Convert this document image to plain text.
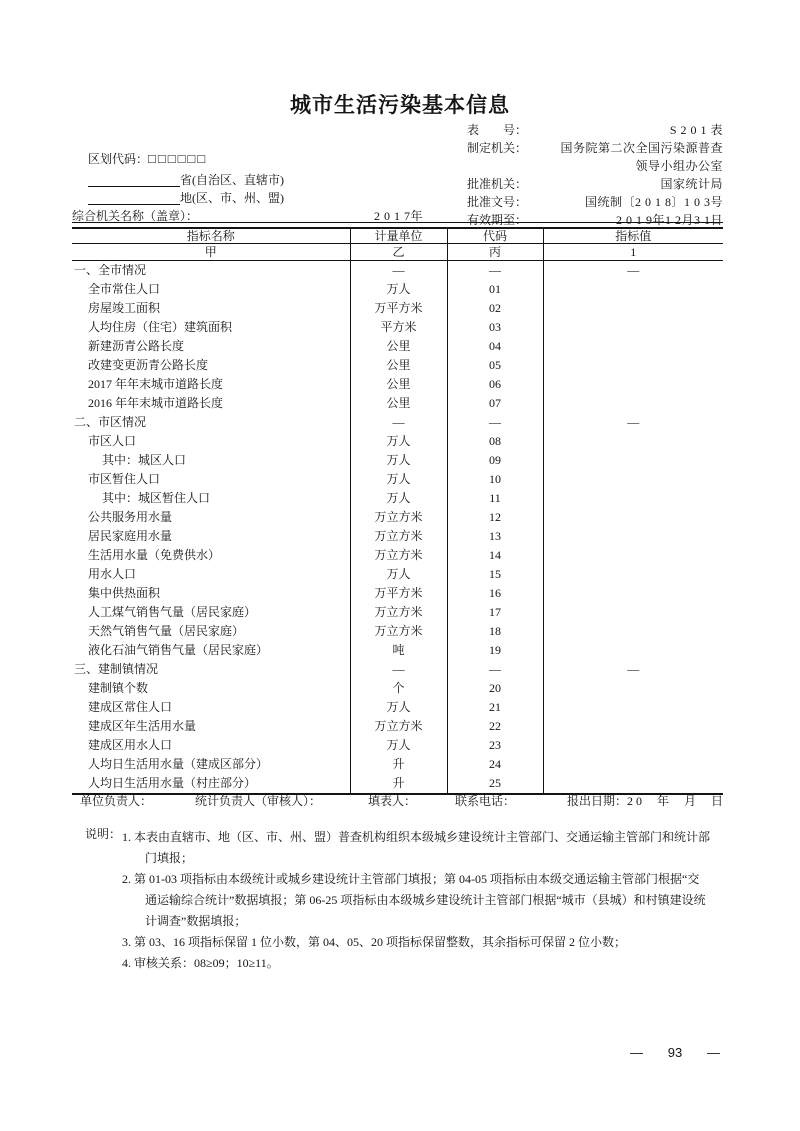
城市生活污染基本信息
表　　号：	S 2 0 1 表
制定机关：	国务院第二次全国污染源普查
领导小组办公室
批准机关：	国家统计局
批准文号：	国统制〔2 0 1 8〕1 0 3号
有效期至：	2 0 1 9年1 2月3 1日
区划代码：□□□□□□
省(自治区、直辖市)
地(区、市、州、盟)
综合机关名称（盖章）：	2 0 1 7年
指标名称	计量单位	代码	指标值
甲	乙	丙	1
一、全市情况	—	—	—
全市常住人口	万人	01	
房屋竣工面积	万平方米	02	
人均住房（住宅）建筑面积	平方米	03	
新建沥青公路长度	公里	04	
改建变更沥青公路长度	公里	05	
2017 年年末城市道路长度	公里	06	
2016 年年末城市道路长度	公里	07	
二、市区情况	—	—	—
市区人口	万人	08	
其中：城区人口	万人	09	
市区暂住人口	万人	10	
其中：城区暂住人口	万人	11	
公共服务用水量	万立方米	12	
居民家庭用水量	万立方米	13	
生活用水量（免费供水）	万立方米	14	
用水人口	万人	15	
集中供热面积	万平方米	16	
人工煤气销售气量（居民家庭）	万立方米	17	
天然气销售气量（居民家庭）	万立方米	18	
液化石油气销售气量（居民家庭）	吨	19	
三、建制镇情况	—	—	—
建制镇个数	个	20	
建成区常住人口	万人	21	
建成区年生活用水量	万立方米	22	
建成区用水人口	万人	23	
人均日生活用水量（建成区部分）	升	24	
人均日生活用水量（村庄部分）	升	25	
单位负责人：	统计负责人（审核人）：	填表人：	联系电话：	报出日期：2 0　 年　 月　 日
说明： 1. 本表由直辖市、地（区、市、州、盟）普查机构组织本级城乡建设统计主管部门、交通运输主管部门和统计部
门填报；
2. 第 01-03 项指标由本级统计或城乡建设统计主管部门填报；第 04-05 项指标由本级交通运输主管部门根据“交
通运输综合统计”数据填报；第 06-25 项指标由本级城乡建设统计主管部门根据“城市（县城）和村镇建设统
计调查”数据填报；
3. 第 03、16 项指标保留 1 位小数，第 04、05、20 项指标保留整数，其余指标可保留 2 位小数；
4. 审核关系：08≥09；10≥11。
— 93 —
